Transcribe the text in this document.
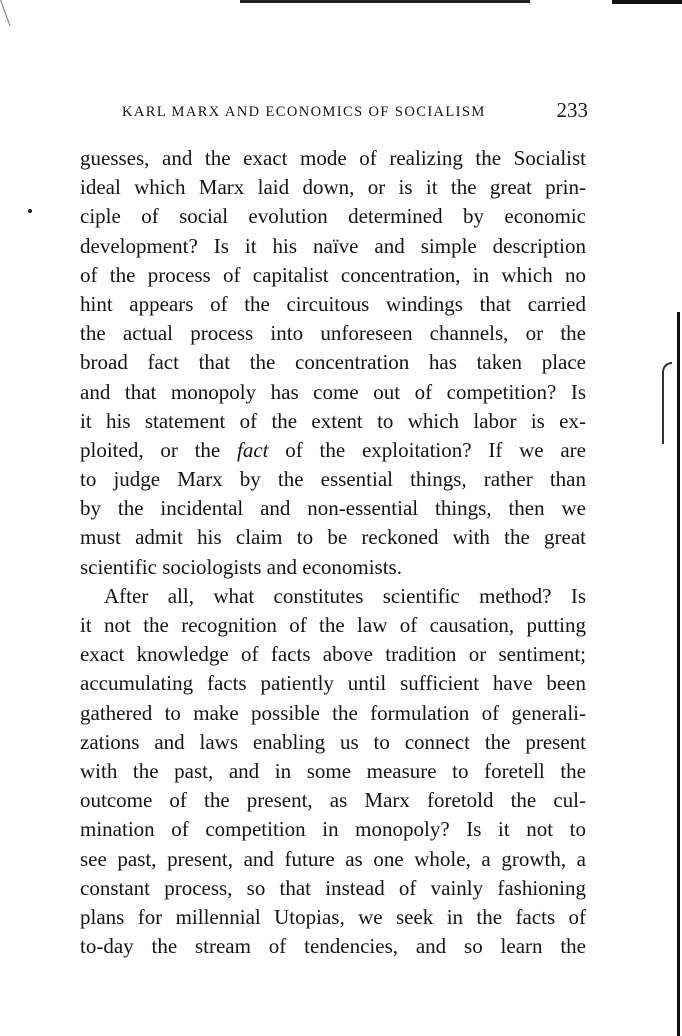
KARL MARX AND ECONOMICS OF SOCIALISM	233
guesses, and the exact mode of realizing the Socialist
ideal which Marx laid down, or is it the great prin-
ciple of social evolution determined by economic
development? Is it his naïve and simple description
of the process of capitalist concentration, in which no
hint appears of the circuitous windings that carried
the actual process into unforeseen channels, or the
broad fact that the concentration has taken place
and that monopoly has come out of competition? Is
it his statement of the extent to which labor is ex-
ploited, or the fact of the exploitation? If we are
to judge Marx by the essential things, rather than
by the incidental and non-essential things, then we
must admit his claim to be reckoned with the great
scientific sociologists and economists.
After all, what constitutes scientific method? Is
it not the recognition of the law of causation, putting
exact knowledge of facts above tradition or sentiment;
accumulating facts patiently until sufficient have been
gathered to make possible the formulation of generali-
zations and laws enabling us to connect the present
with the past, and in some measure to foretell the
outcome of the present, as Marx foretold the cul-
mination of competition in monopoly? Is it not to
see past, present, and future as one whole, a growth, a
constant process, so that instead of vainly fashioning
plans for millennial Utopias, we seek in the facts of
to-day the stream of tendencies, and so learn the
